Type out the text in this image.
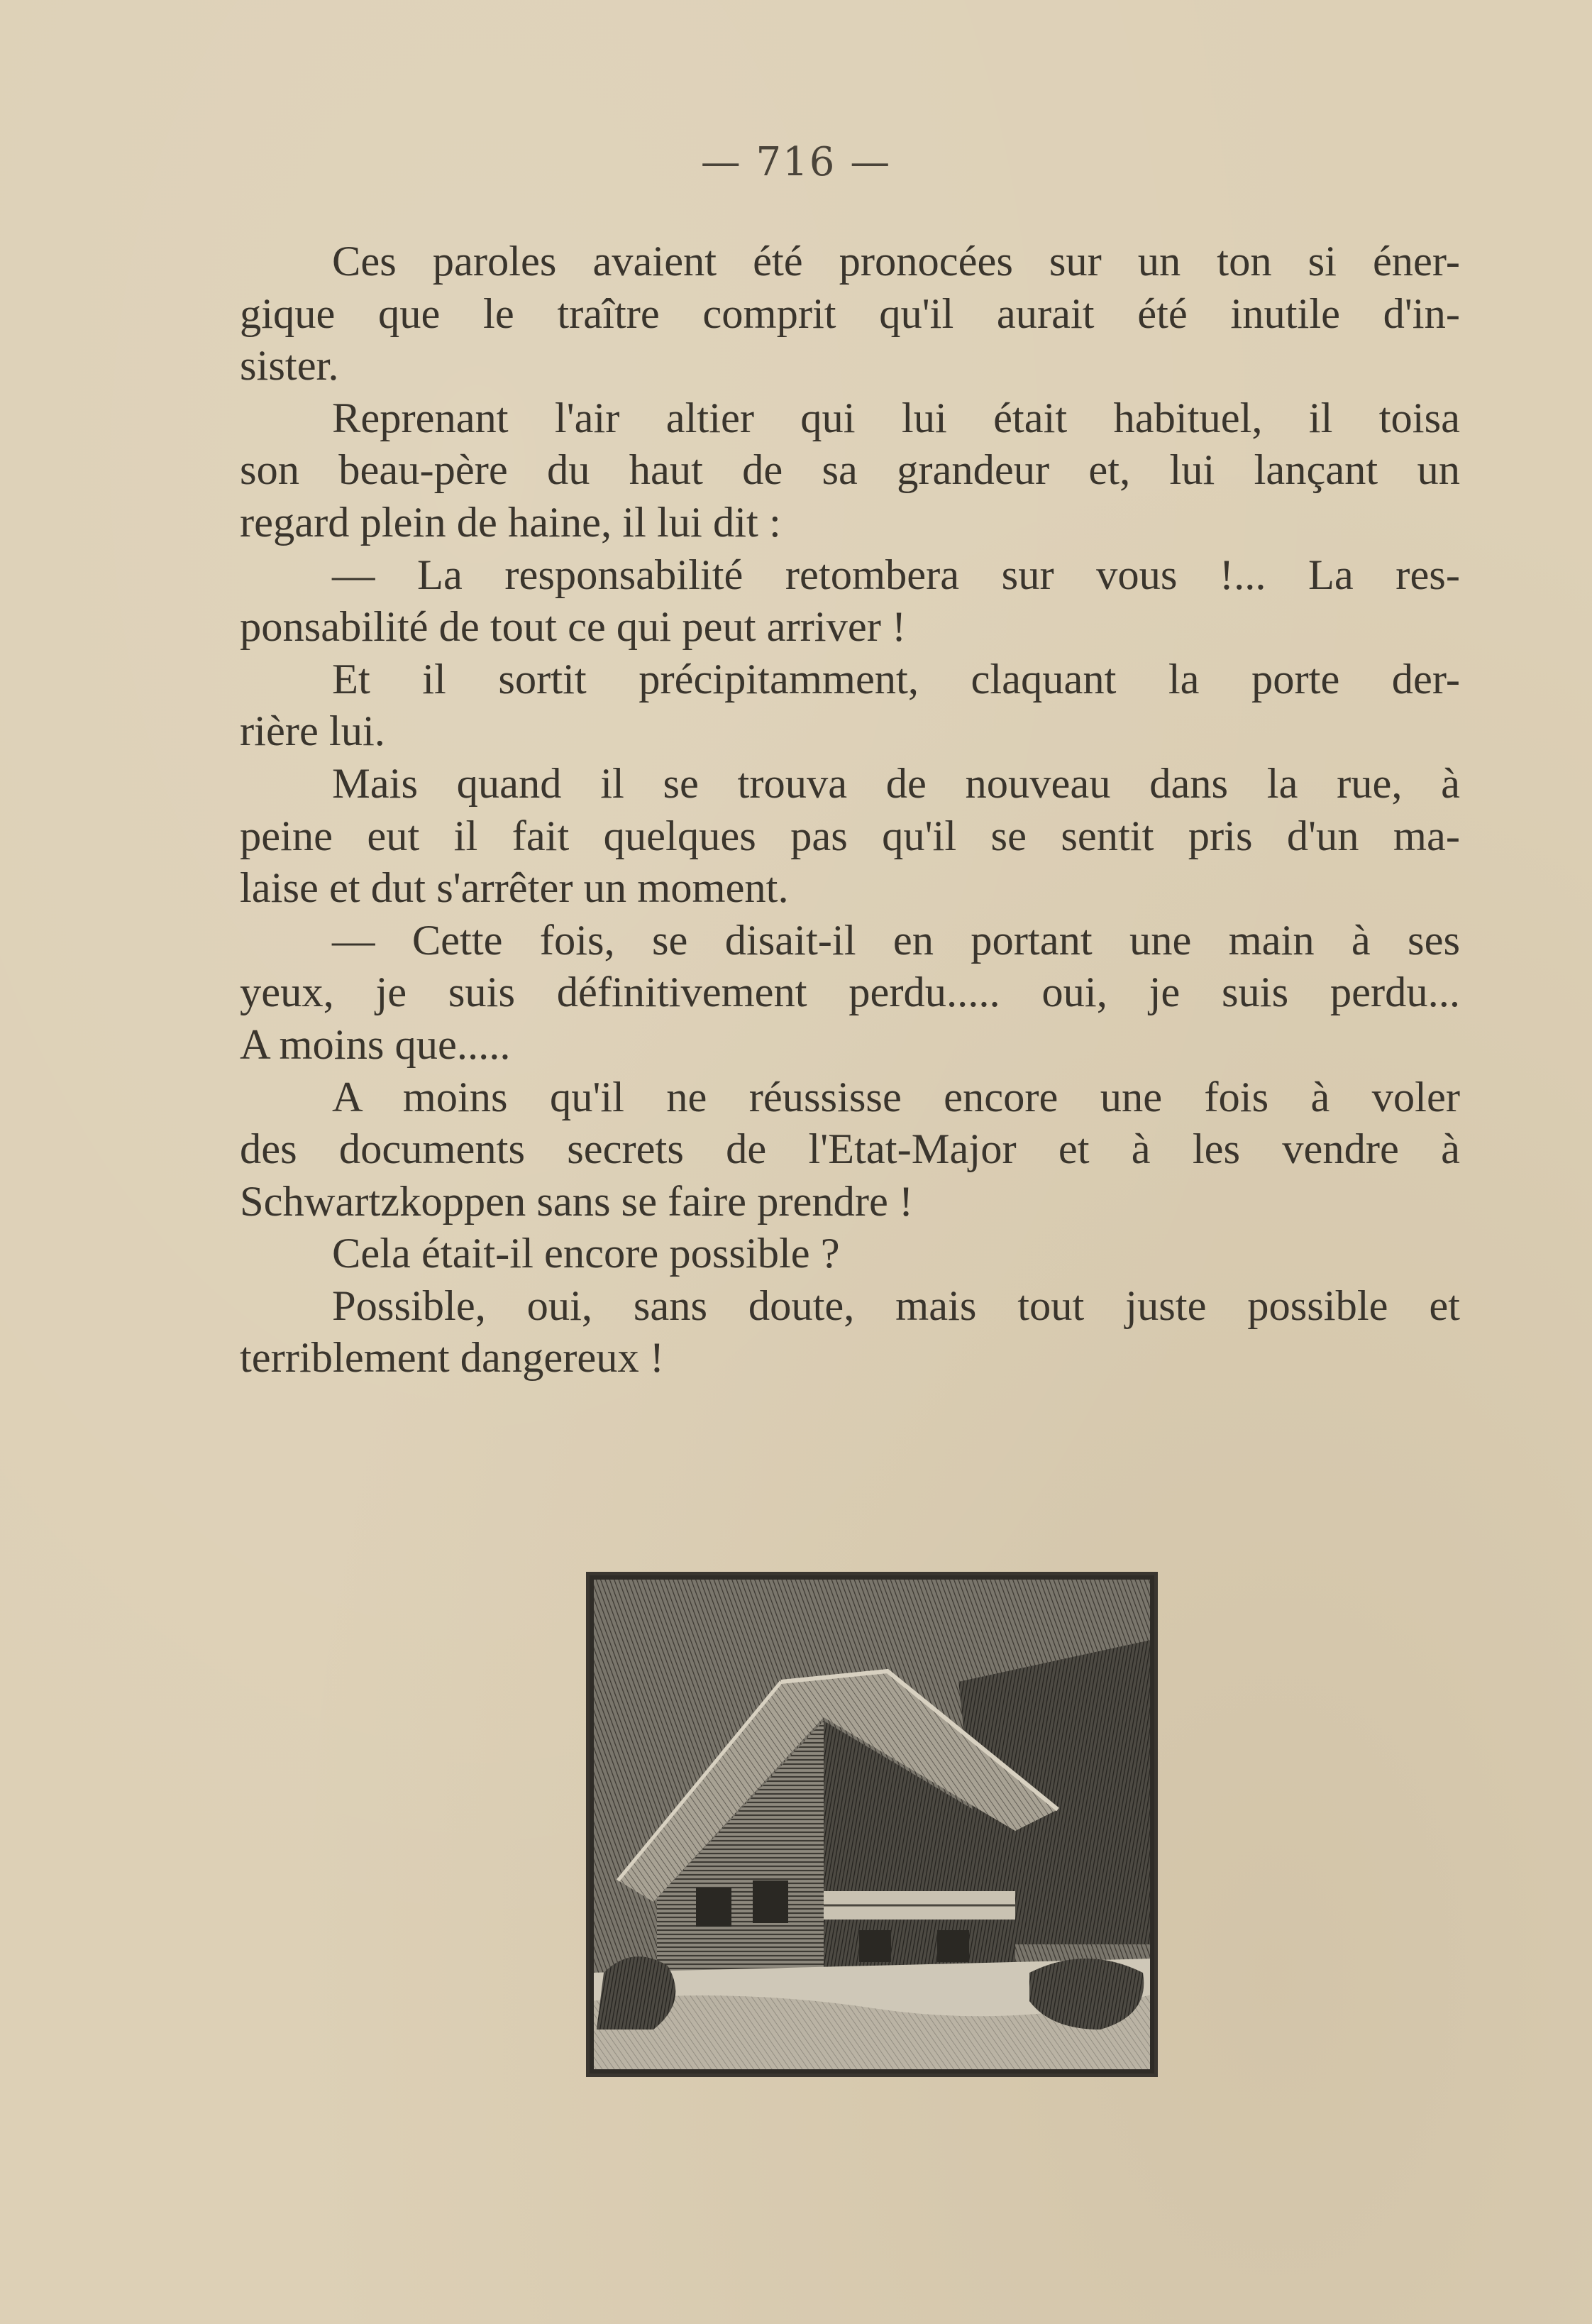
— 716 —
Ces paroles avaient été pronocées sur un ton si éner-
gique que le traître comprit qu'il aurait été inutile d'in-
sister.
Reprenant l'air altier qui lui était habituel, il toisa
son beau-père du haut de sa grandeur et, lui lançant un
regard plein de haine, il lui dit :
— La responsabilité retombera sur vous !... La res-
ponsabilité de tout ce qui peut arriver !
Et il sortit précipitamment, claquant la porte der-
rière lui.
Mais quand il se trouva de nouveau dans la rue, à
peine eut il fait quelques pas qu'il se sentit pris d'un ma-
laise et dut s'arrêter un moment.
— Cette fois, se disait-il en portant une main à ses
yeux, je suis définitivement perdu..... oui, je suis perdu...
A moins que.....
A moins qu'il ne réussisse encore une fois à voler
des documents secrets de l'Etat-Major et à les vendre à
Schwartzkoppen sans se faire prendre !
Cela était-il encore possible ?
Possible, oui, sans doute, mais tout juste possible et
terriblement dangereux !
